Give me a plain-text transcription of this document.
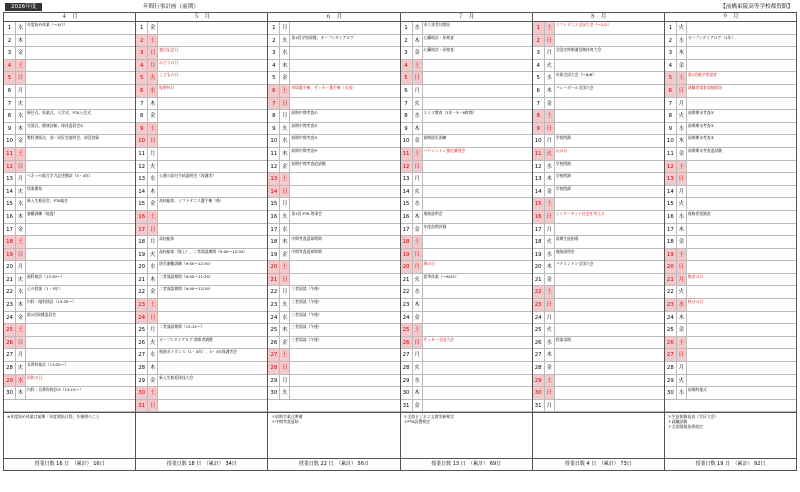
2026年度	年間行事計画（前期）	【前橋東陵高等学校都賀館】
４　月
1	水
年度始め休業（～4/7）
2	木
3	金
4	土
5	日
6	月
7	火
8	水
新任式、始業式、入学式、PTA入会式
9	木
対面式、健康診断、保体委員会①
10 金
教科書販売、部・同好会説明会、部活登録
11 土
12 日
13 月
ベネッセ総合学力記述模試（3・4年）
14 火
授業開始
15 水
新入生歓迎会、PTA総会
16 木
避難訓練（地震）
17 金
18 土
19 日
20 月
21 火
歯科検診（13:30～）
22 水
心の授業（1・3年）
23 木
内科・眼科検診（13:30～）
24 金
第1回保健委員会
25 土
26 日
27 月
28 火
耳鼻科検診（13:30～）
29 水
昭和の日
30 木
内科・耳鼻科検診②（13:15～）
※年度始め休業は前期「年度開始日程」を参照のこと
授業日数 16 日　（累計） 16日
５　月
1	金
2	土
3	日
憲法記念日
4	月
みどりの日
5	火
こどもの日
6	水
振替休日
7	木
8	金
9	土
10 日
11 月
12 火
13 水
公費の給付手続説明会（保護者）
14 木
15 金
高校総体、ソフトテニス選手権（県）
16 土
17 日
18 月
高校総体
19 火
高校総体（陸上）、二者面談期間（9:00～12:30）
20 水
防災避難訓練（9:00～12:30）
21 木
二者面談期間（9:00～12:30）
22 金
二者面談期間（9:00～12:30）
23 土
24 日
25 月
二者面談期間（13:15～）
26 火
オープンダイアログ 関係者調整
27 水
進路ガイダンス（1・4年）、3・4年保護者会
28 木
29 金
新入生歓迎球技大会
30 土
31 日
授業日数 18 日　（累計） 34日
６　月
1	月
2	火
第1回学校保健、オープンダイアログ
3	水
4	木
5	金
6	土
卓球選手権、サッカー選手権（支部）
7	日
8	月
前期中間考査①
9	火
前期中間考査②
10 水
前期中間考査③
11 木
前期中間考査④
12 金
前期中間考査追試験
13 土
14 日
15 月
16 火
第1回 PTA 理事会
17 水
18 木
中間考査返却期間
19 金
中間考査返却期間
20 土
21 日
22 月
三者面談（午後）
23 火
三者面談（午後）
24 水
三者面談（午後）
25 木
三者面談（午後）
26 金
三者面談（午後）
27 土
28 日
29 月
30 火
＊前期卒業式準備
＊中間考査返却
授業日数 22 日　（累計） 56日
７　月
1	水
求人票受付開始
2	木
心臓検診・尿検査
3	金
心臓検診・尿検査
4	土
5	日
6	月
7	火
8	水
エイズ教育（1年・5・6時間）
9	木
10 金
前期防災訓練
11 土
バドミントン強化練習会
12 日
13 月
14 火
15 水
16 木
進路説明会
17 金
年度前期評価
18 土
19 日
20 月
海の日
21 火
夏季休業（～8/25）
22 水
23 木
24 金
25 土
26 日
サッカー全国大会
27 月
28 火
29 水
30 木
31 金
＊全商ビジネス文書実務検定
＊PTA設置検定
授業日数 13 日　（累計） 69日
８　月
1	土
ソフトテニス全国大会（～2/3）
2	日
3	月
全国定時制通信制体育大会
4	火
5	水
卓球全国大会（～8/6）
6	木
バレーボール全国大会
7	金
8	土
9	日
10 月
学校閉鎖
11 火
山の日
12 水
学校閉鎖
13 木
学校閉鎖
14 金
学校閉鎖
15 土
16 日
インターネット社会を考える
17 月
18 火
前期生徒指導
19 水
進路説明会
20 木
バドミントン全国大会
21 金
22 土
23 日
24 月
25 火
26 水
授業再開
27 木
28 金
29 土
30 日
31 月
授業日数 4 日　（累計） 73日
９　月
1	火
2	水
オープンダイアログ（1年）
3	木
4	金
5	土
第1回進学希望者
6	日
就職希望者面接開始
7	月
8	火
前期期末考査①
9	水
前期期末考査②
10 木
前期期末考査③
11 金
前期期末考査追試験
12 土
13 日
14 月
15 火
16 水
進路希望調査
17 木
18 金
19 土
20 日
21 月
敬老の日
22 火
23 水
秋分の日
24 木
25 金
26 土
27 日
28 月
29 火
30 水
前期終業式
＊生徒体験発表（学区大会）
＊就職試験
＊全国情報技術検定
授業日数 19 日　（累計） 92日
